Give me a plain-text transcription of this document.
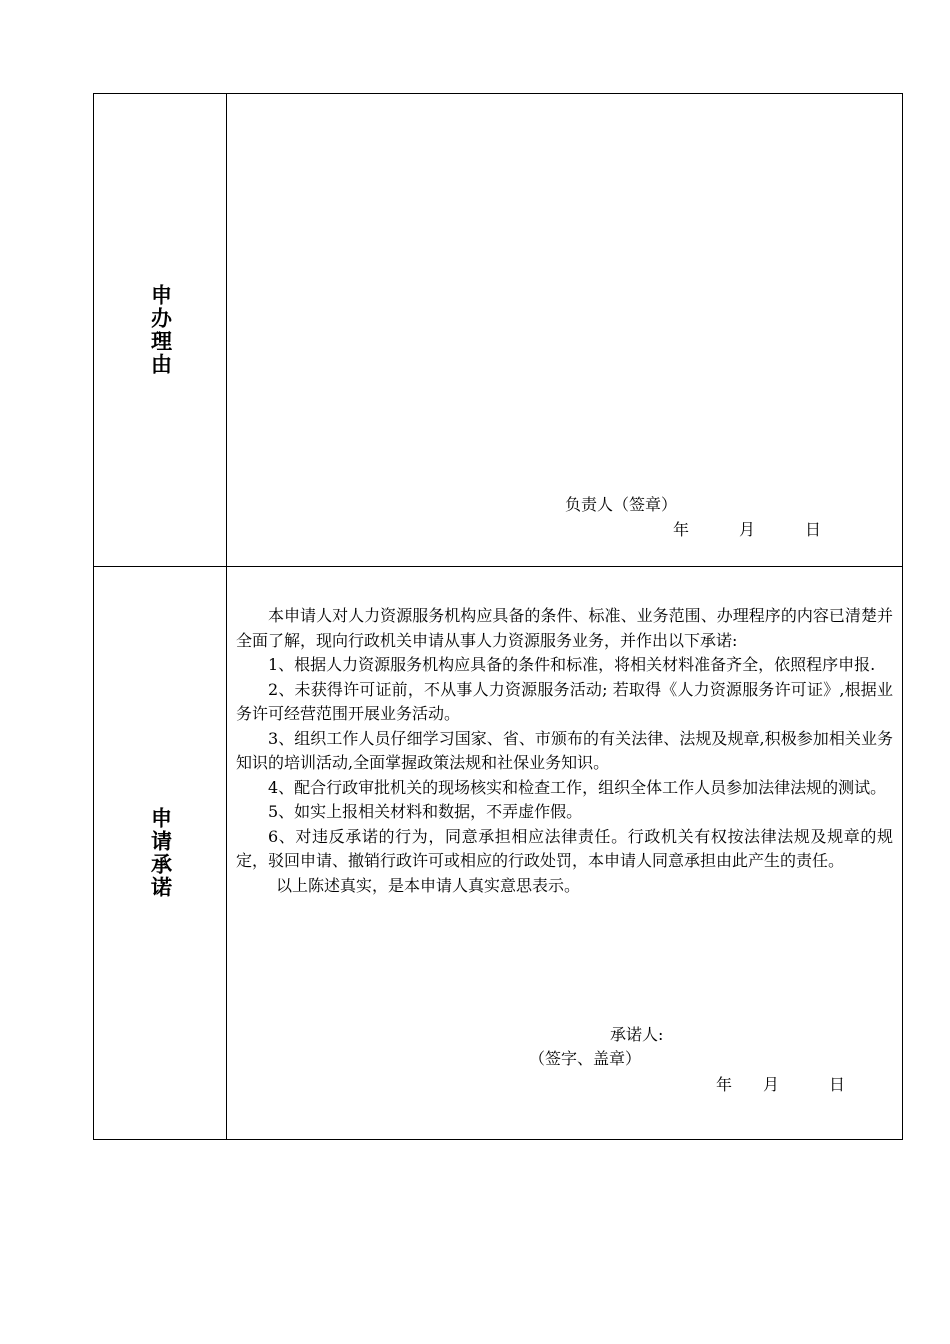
申办理由
负责人（签章）
年	月	日
申请承诺

本申请人对人力资源服务机构应具备的条件、标准、业务范围、办理程序的内容已清楚并全面了解，现向行政机关申请从事人力资源服务业务，并作出以下承诺:

1、根据人力资源服务机构应具备的条件和标准，将相关材料准备齐全，依照程序申报.

2、未获得许可证前，不从事人力资源服务活动; 若取得《人力资源服务许可证》,根据业务许可经营范围开展业务活动。

3、组织工作人员仔细学习国家、省、市颁布的有关法律、法规及规章,积极参加相关业务知识的培训活动,全面掌握政策法规和社保业务知识。

4、配合行政审批机关的现场核实和检查工作，组织全体工作人员参加法律法规的测试。

5、如实上报相关材料和数据，不弄虚作假。

6、对违反承诺的行为，同意承担相应法律责任。行政机关有权按法律法规及规章的规定，驳回申请、撤销行政许可或相应的行政处罚，本申请人同意承担由此产生的责任。

以上陈述真实，是本申请人真实意思表示。

承诺人:
（签字、盖章）
年 月	日
